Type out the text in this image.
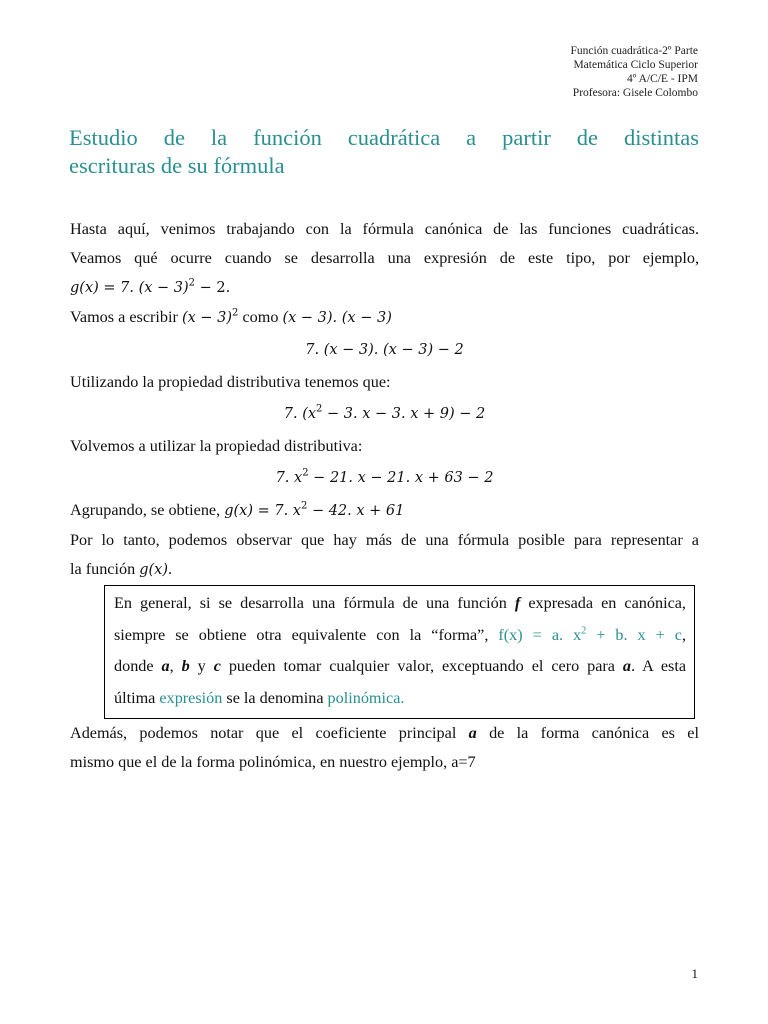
Función cuadrática-2º Parte
Matemática Ciclo Superior
4º A/C/E - IPM
Profesora: Gisele Colombo
Estudio de la función cuadrática a partir de distintas
escrituras de su fórmula
Hasta aquí, venimos trabajando con la fórmula canónica de las funciones cuadráticas.
Veamos qué ocurre cuando se desarrolla una expresión de este tipo, por ejemplo,
g(x) = 7. $(x - 3)^2 - 2$.
Vamos a escribir $(x - 3)^2$ como (x − 3). (x − 3)
7. (x − 3). (x − 3) − 2
Utilizando la propiedad distributiva tenemos que:
7. ($x^2 - 3$. x − 3. x + 9) − 2
Volvemos a utilizar la propiedad distributiva:
7. $x^2 - 21$. x − 21. x + 63 − 2
Agrupando, se obtiene, g(x) = 7. $x^2 - 42$. x + 61
Por lo tanto, podemos observar que hay más de una fórmula posible para representar a
la función g(x).
En general, si se desarrolla una fórmula de una función f expresada en canónica,
siempre se obtiene otra equivalente con la “forma”, f(x) = a. $x^2 + b$. x + c,
donde a, b y c pueden tomar cualquier valor, exceptuando el cero para a. A esta
última expresión se la denomina polinómica.
Además, podemos notar que el coeficiente principal a de la forma canónica es el
mismo que el de la forma polinómica, en nuestro ejemplo, a=7
1
